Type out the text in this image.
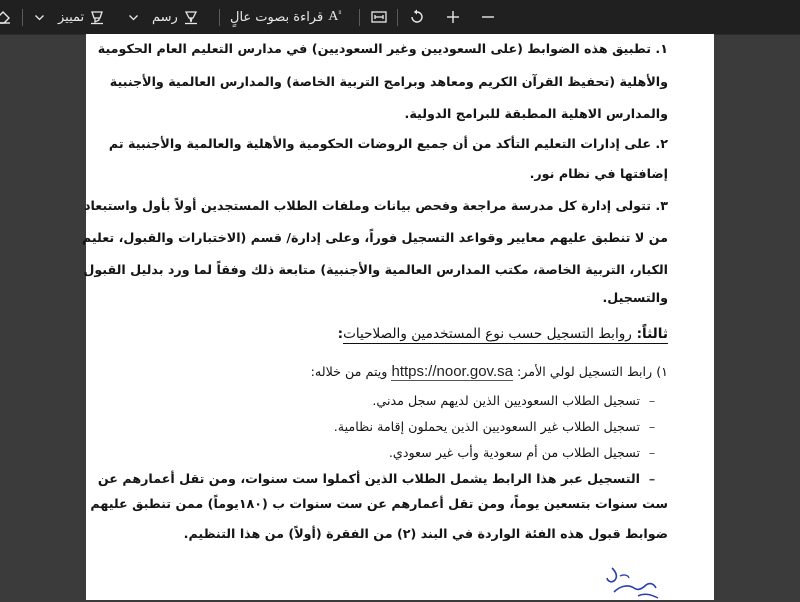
تمييز	رسم	قراءة بصوت عالٍ $A^{ᴵᴵ}$
١. تطبيق هذه الضوابط (على السعوديين وغير السعوديين) في مدارس التعليم العام الحكومية
والأهلية (تحفيظ القرآن الكريم ومعاهد وبرامج التربية الخاصة) والمدارس العالمية والأجنبية
والمدارس الاهلية المطبقة للبرامج الدولية.
٢. على إدارات التعليم التأكد من أن جميع الروضات الحكومية والأهلية والعالمية والأجنبية تم
إضافتها في نظام نور.
٣. تتولى إدارة كل مدرسة مراجعة وفحص بيانات وملفات الطلاب المستجدين أولاً بأول واستبعاد
من لا تنطبق عليهم معايير وقواعد التسجيل فوراً، وعلى إدارة/ قسم (الاختبارات والقبول، تعليم
الكبار، التربية الخاصة، مكتب المدارس العالمية والأجنبية) متابعة ذلك وفقاً لما ورد بدليل القبول
والتسجيل.
ثالثاً: روابط التسجيل حسب نوع المستخدمين والصلاحيات:
١) رابط التسجيل لولي الأمر: https://noor.gov.sa ويتم من خلاله:
–تسجيل الطلاب السعوديين الذين لديهم سجل مدني.
–تسجيل الطلاب غير السعوديين الذين يحملون إقامة نظامية.
–تسجيل الطلاب من أم سعودية وأب غير سعودي.
–التسجيل عبر هذا الرابط يشمل الطلاب الذين أكملوا ست سنوات، ومن تقل أعمارهم عن
ست سنوات بتسعين يوماً، ومن تقل أعمارهم عن ست سنوات ب (١٨٠يوماً) ممن تنطبق عليهم
ضوابط قبول هذه الفئة الواردة في البند (٢) من الفقرة (أولاً) من هذا التنظيم.
